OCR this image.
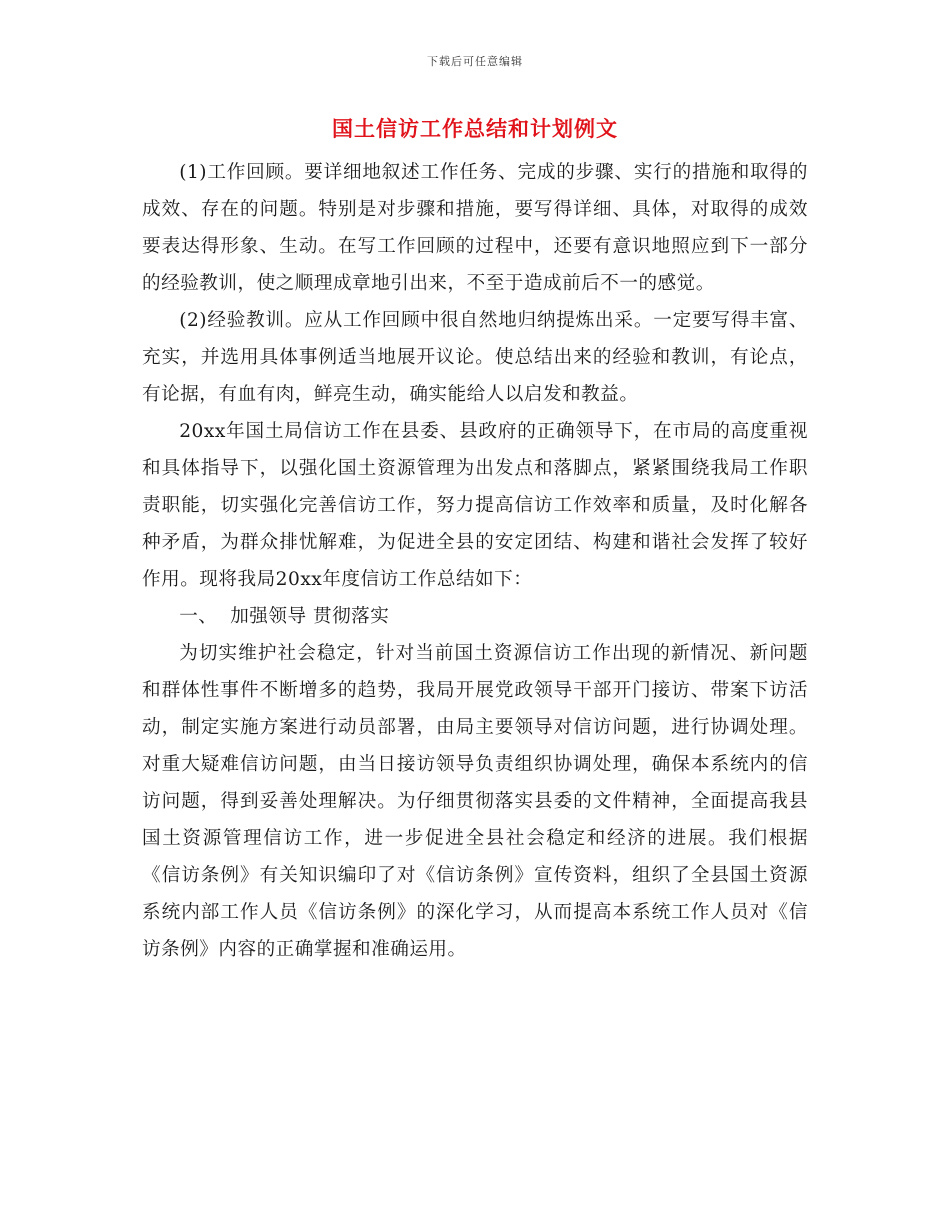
下载后可任意编辑
国土信访工作总结和计划例文

(1)工作回顾。要详细地叙述工作任务、完成的步骤、实行的措施和取得的成效、存在的问题。特别是对步骤和措施，要写得详细、具体，对取得的成效要表达得形象、生动。在写工作回顾的过程中，还要有意识地照应到下一部分的经验教训，使之顺理成章地引出来，不至于造成前后不一的感觉。

(2)经验教训。应从工作回顾中很自然地归纳提炼出采。一定要写得丰富、充实，并选用具体事例适当地展开议论。使总结出来的经验和教训，有论点，有论据，有血有肉，鲜亮生动，确实能给人以启发和教益。

20xx年国土局信访工作在县委、县政府的正确领导下，在市局的高度重视和具体指导下，以强化国土资源管理为出发点和落脚点，紧紧围绕我局工作职责职能，切实强化完善信访工作，努力提高信访工作效率和质量，及时化解各种矛盾，为群众排忧解难，为促进全县的安定团结、构建和谐社会发挥了较好作用。现将我局20xx年度信访工作总结如下：

一、  加强领导 贯彻落实

为切实维护社会稳定，针对当前国土资源信访工作出现的新情况、新问题和群体性事件不断增多的趋势，我局开展党政领导干部开门接访、带案下访活动，制定实施方案进行动员部署，由局主要领导对信访问题，进行协调处理。对重大疑难信访问题，由当日接访领导负责组织协调处理，确保本系统内的信访问题，得到妥善处理解决。为仔细贯彻落实县委的文件精神，全面提高我县国土资源管理信访工作，进一步促进全县社会稳定和经济的进展。我们根据《信访条例》有关知识编印了对《信访条例》宣传资料，组织了全县国土资源系统内部工作人员《信访条例》的深化学习，从而提高本系统工作人员对《信访条例》内容的正确掌握和准确运用。
